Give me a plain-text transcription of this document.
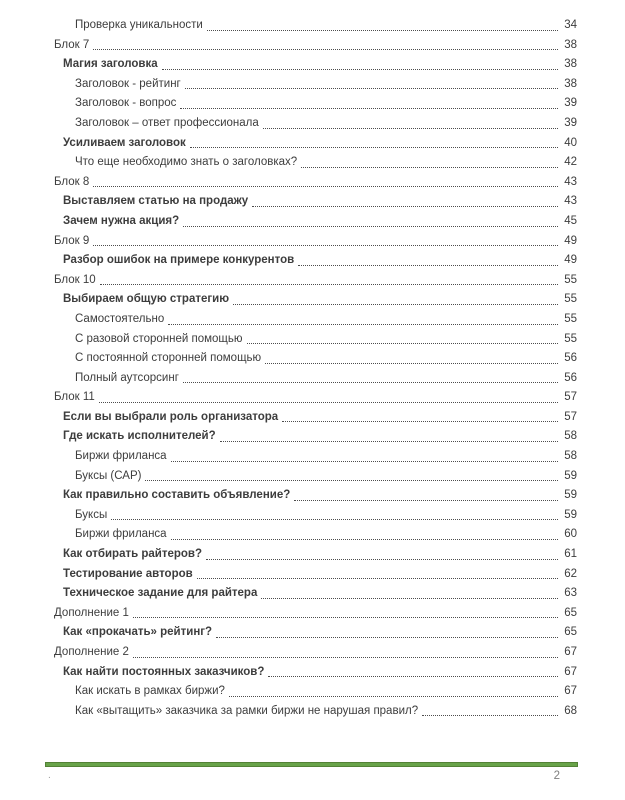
Проверка уникальности	34
Блок 7	38
Магия заголовка	38
Заголовок - рейтинг	38
Заголовок - вопрос	39
Заголовок – ответ профессионала	39
Усиливаем заголовок	40
Что еще необходимо знать о заголовках?	42
Блок 8	43
Выставляем статью на продажу	43
Зачем нужна акция?	45
Блок 9	49
Разбор ошибок на примере конкурентов	49
Блок 10	55
Выбираем общую стратегию	55
Самостоятельно	55
С разовой сторонней помощью	55
С постоянной сторонней помощью	56
Полный аутсорсинг	56
Блок 11	57
Если вы выбрали роль организатора	57
Где искать исполнителей?	58
Биржи фриланса	58
Буксы (САР)	59
Как правильно составить объявление?	59
Буксы	59
Биржи фриланса	60
Как отбирать райтеров?	61
Тестирование авторов	62
Техническое задание для райтера	63
Дополнение 1	65
Как «прокачать» рейтинг?	65
Дополнение 2	67
Как найти постоянных заказчиков?	67
Как искать в рамках биржи?	67
Как «вытащить» заказчика за рамки биржи не нарушая правил?	68
.	2
